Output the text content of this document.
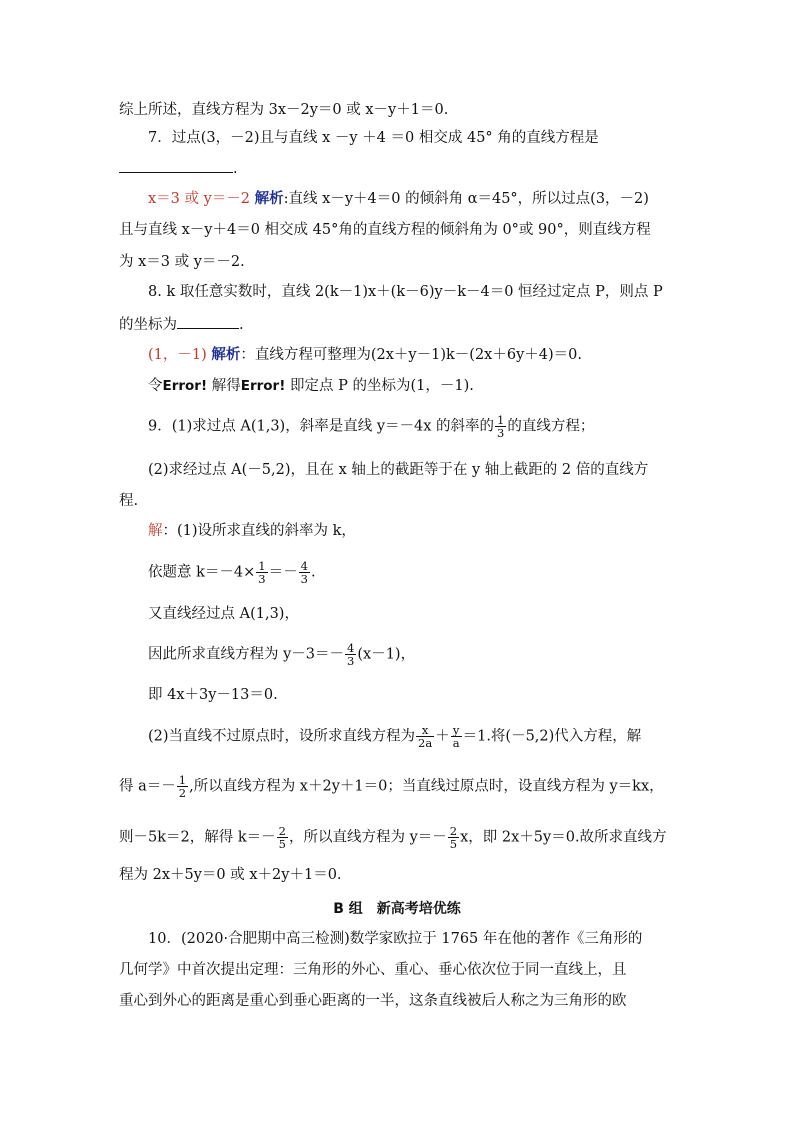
综上所述，直线方程为 3x－2y＝0 或 x－y＋1＝0.
7．过点(3，－2)且与直线 x －y ＋4 ＝0 相交成 45° 角的直线方程是
.
x＝3 或 y＝－2 解析:直线 x－y＋4＝0 的倾斜角 α＝45°，所以过点(3，－2)
且与直线 x－y＋4＝0 相交成 45°角的直线方程的倾斜角为 0°或 90°，则直线方程
为 x＝3 或 y＝－2.
8. k 取任意实数时，直线 2(k－1)x＋(k－6)y－k－4＝0 恒经过定点 P，则点 P
的坐标为	.
(1，－1) 解析：直线方程可整理为(2x＋y－1)k－(2x＋6y＋4)＝0.
令Error! 解得Error! 即定点 P 的坐标为(1，－1).
9．(1)求过点 A(1,3)，斜率是直线 y＝－4x 的斜率的 $\frac{1}{3}$ 的直线方程；
(2)求经过点 A(－5,2)，且在 x 轴上的截距等于在 y 轴上截距的 2 倍的直线方
程.
解：(1)设所求直线的斜率为 k，
依题意 $k=-4\times \frac{1}{3} =- \frac{4}{3}$ .
又直线经过点 A(1,3)，
因此所求直线方程为 $y-3=- \frac{4}{3} (x-1)$，
即 4x＋3y－13＝0.
(2)当直线不过原点时，设所求直线方程为 $\frac{x}{2a} + \frac{y}{a} =1$.将(－5,2)代入方程，解
得 $a=- \frac{1}{2}$ ,所以直线方程为 x＋2y＋1＝0；当直线过原点时，设直线方程为 y＝kx，
则－5k＝2，解得 $k=- \frac{2}{5}$ ，所以直线方程为 $y=- \frac{2}{5}$ x，即 2x＋5y＝0.故所求直线方
程为 2x＋5y＝0 或 x＋2y＋1＝0.
B 组　新高考培优练
10．(2020·合肥期中高三检测)数学家欧拉于 1765 年在他的著作《三角形的
几何学》中首次提出定理：三角形的外心、重心、垂心依次位于同一直线上，且
重心到外心的距离是重心到垂心距离的一半，这条直线被后人称之为三角形的欧
